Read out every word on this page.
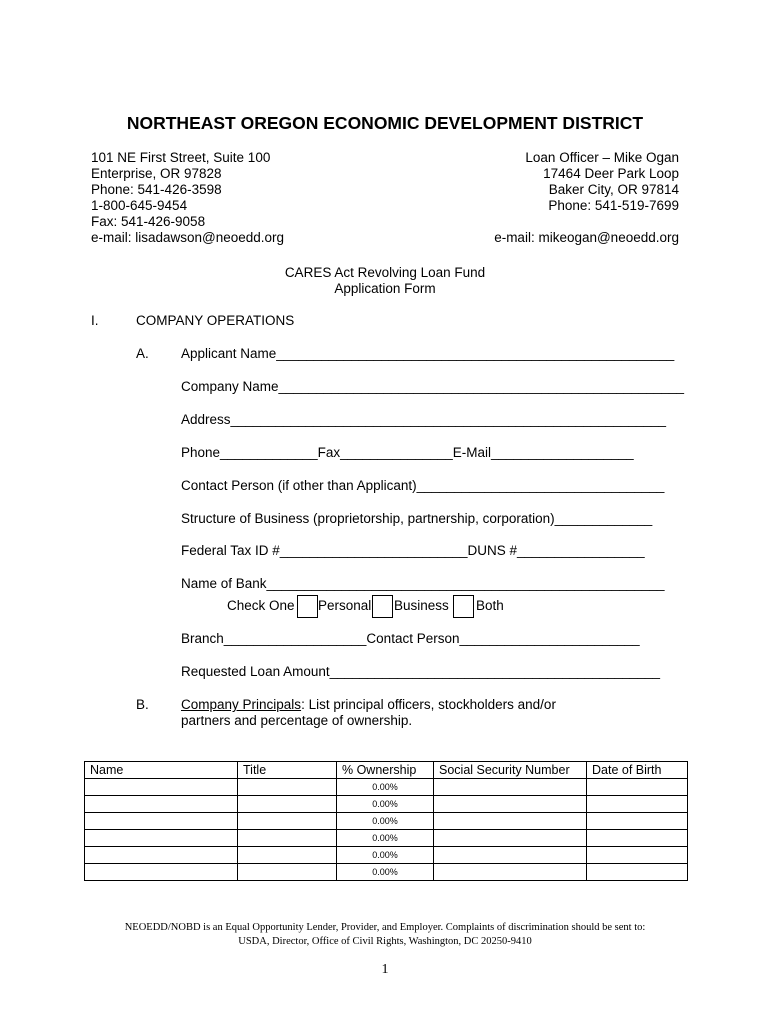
NORTHEAST OREGON ECONOMIC DEVELOPMENT DISTRICT
101 NE First Street, Suite 100
Enterprise, OR 97828
Phone: 541-426-3598
1-800-645-9454
Fax: 541-426-9058
e-mail: lisadawson@neoedd.org
Loan Officer – Mike Ogan
17464 Deer Park Loop
Baker City, OR 97814
Phone: 541-519-7699
e-mail: mikeogan@neoedd.org
CARES Act Revolving Loan Fund
Application Form
I.	COMPANY OPERATIONS
A. Applicant Name_____________________________________________________
Company Name______________________________________________________
Address__________________________________________________________
Phone_____________Fax_______________E-Mail___________________
Contact Person (if other than Applicant)_________________________________
Structure of Business (proprietorship, partnership, corporation)_____________
Federal Tax ID #_________________________DUNS #_________________
Name of Bank_____________________________________________________
Check One Personal Business Both
Branch___________________Contact Person________________________
Requested Loan Amount____________________________________________
B. Company Principals: List principal officers, stockholders and/or
partners and percentage of ownership.
Name	Title	% Ownership	Social Security Number	Date of Birth
		0.00%		
		0.00%		
		0.00%		
		0.00%		
		0.00%		
		0.00%		
NEOEDD/NOBD is an Equal Opportunity Lender, Provider, and Employer. Complaints of discrimination should be sent to:
USDA, Director, Office of Civil Rights, Washington, DC 20250-9410
1
